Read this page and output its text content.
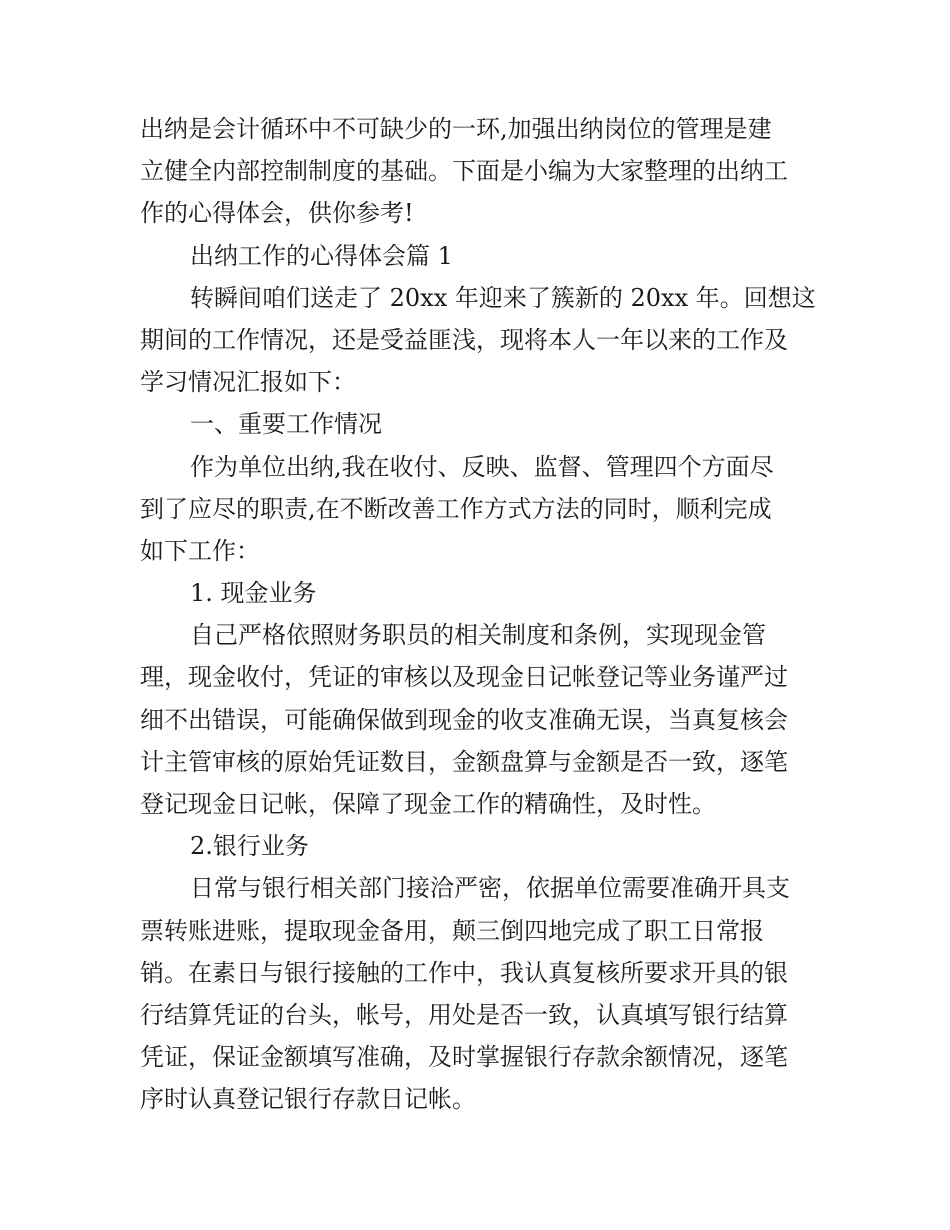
出纳是会计循环中不可缺少的一环,加强出纳岗位的管理是建
立健全内部控制制度的基础。下面是小编为大家整理的出纳工
作的心得体会，供你参考!
出纳工作的心得体会篇 1
转瞬间咱们送走了 20xx 年迎来了簇新的 20xx 年。回想这
期间的工作情况，还是受益匪浅，现将本人一年以来的工作及
学习情况汇报如下：
一、重要工作情况
作为单位出纳,我在收付、反映、监督、管理四个方面尽
到了应尽的职责,在不断改善工作方式方法的同时，顺利完成
如下工作：
1. 现金业务
自己严格依照财务职员的相关制度和条例，实现现金管
理，现金收付，凭证的审核以及现金日记帐登记等业务谨严过
细不出错误，可能确保做到现金的收支准确无误，当真复核会
计主管审核的原始凭证数目，金额盘算与金额是否一致，逐笔
登记现金日记帐，保障了现金工作的精确性，及时性。
2.银行业务
日常与银行相关部门接洽严密，依据单位需要准确开具支
票转账进账，提取现金备用，颠三倒四地完成了职工日常报
销。在素日与银行接触的工作中，我认真复核所要求开具的银
行结算凭证的台头，帐号，用处是否一致，认真填写银行结算
凭证，保证金额填写准确，及时掌握银行存款余额情况，逐笔
序时认真登记银行存款日记帐。
